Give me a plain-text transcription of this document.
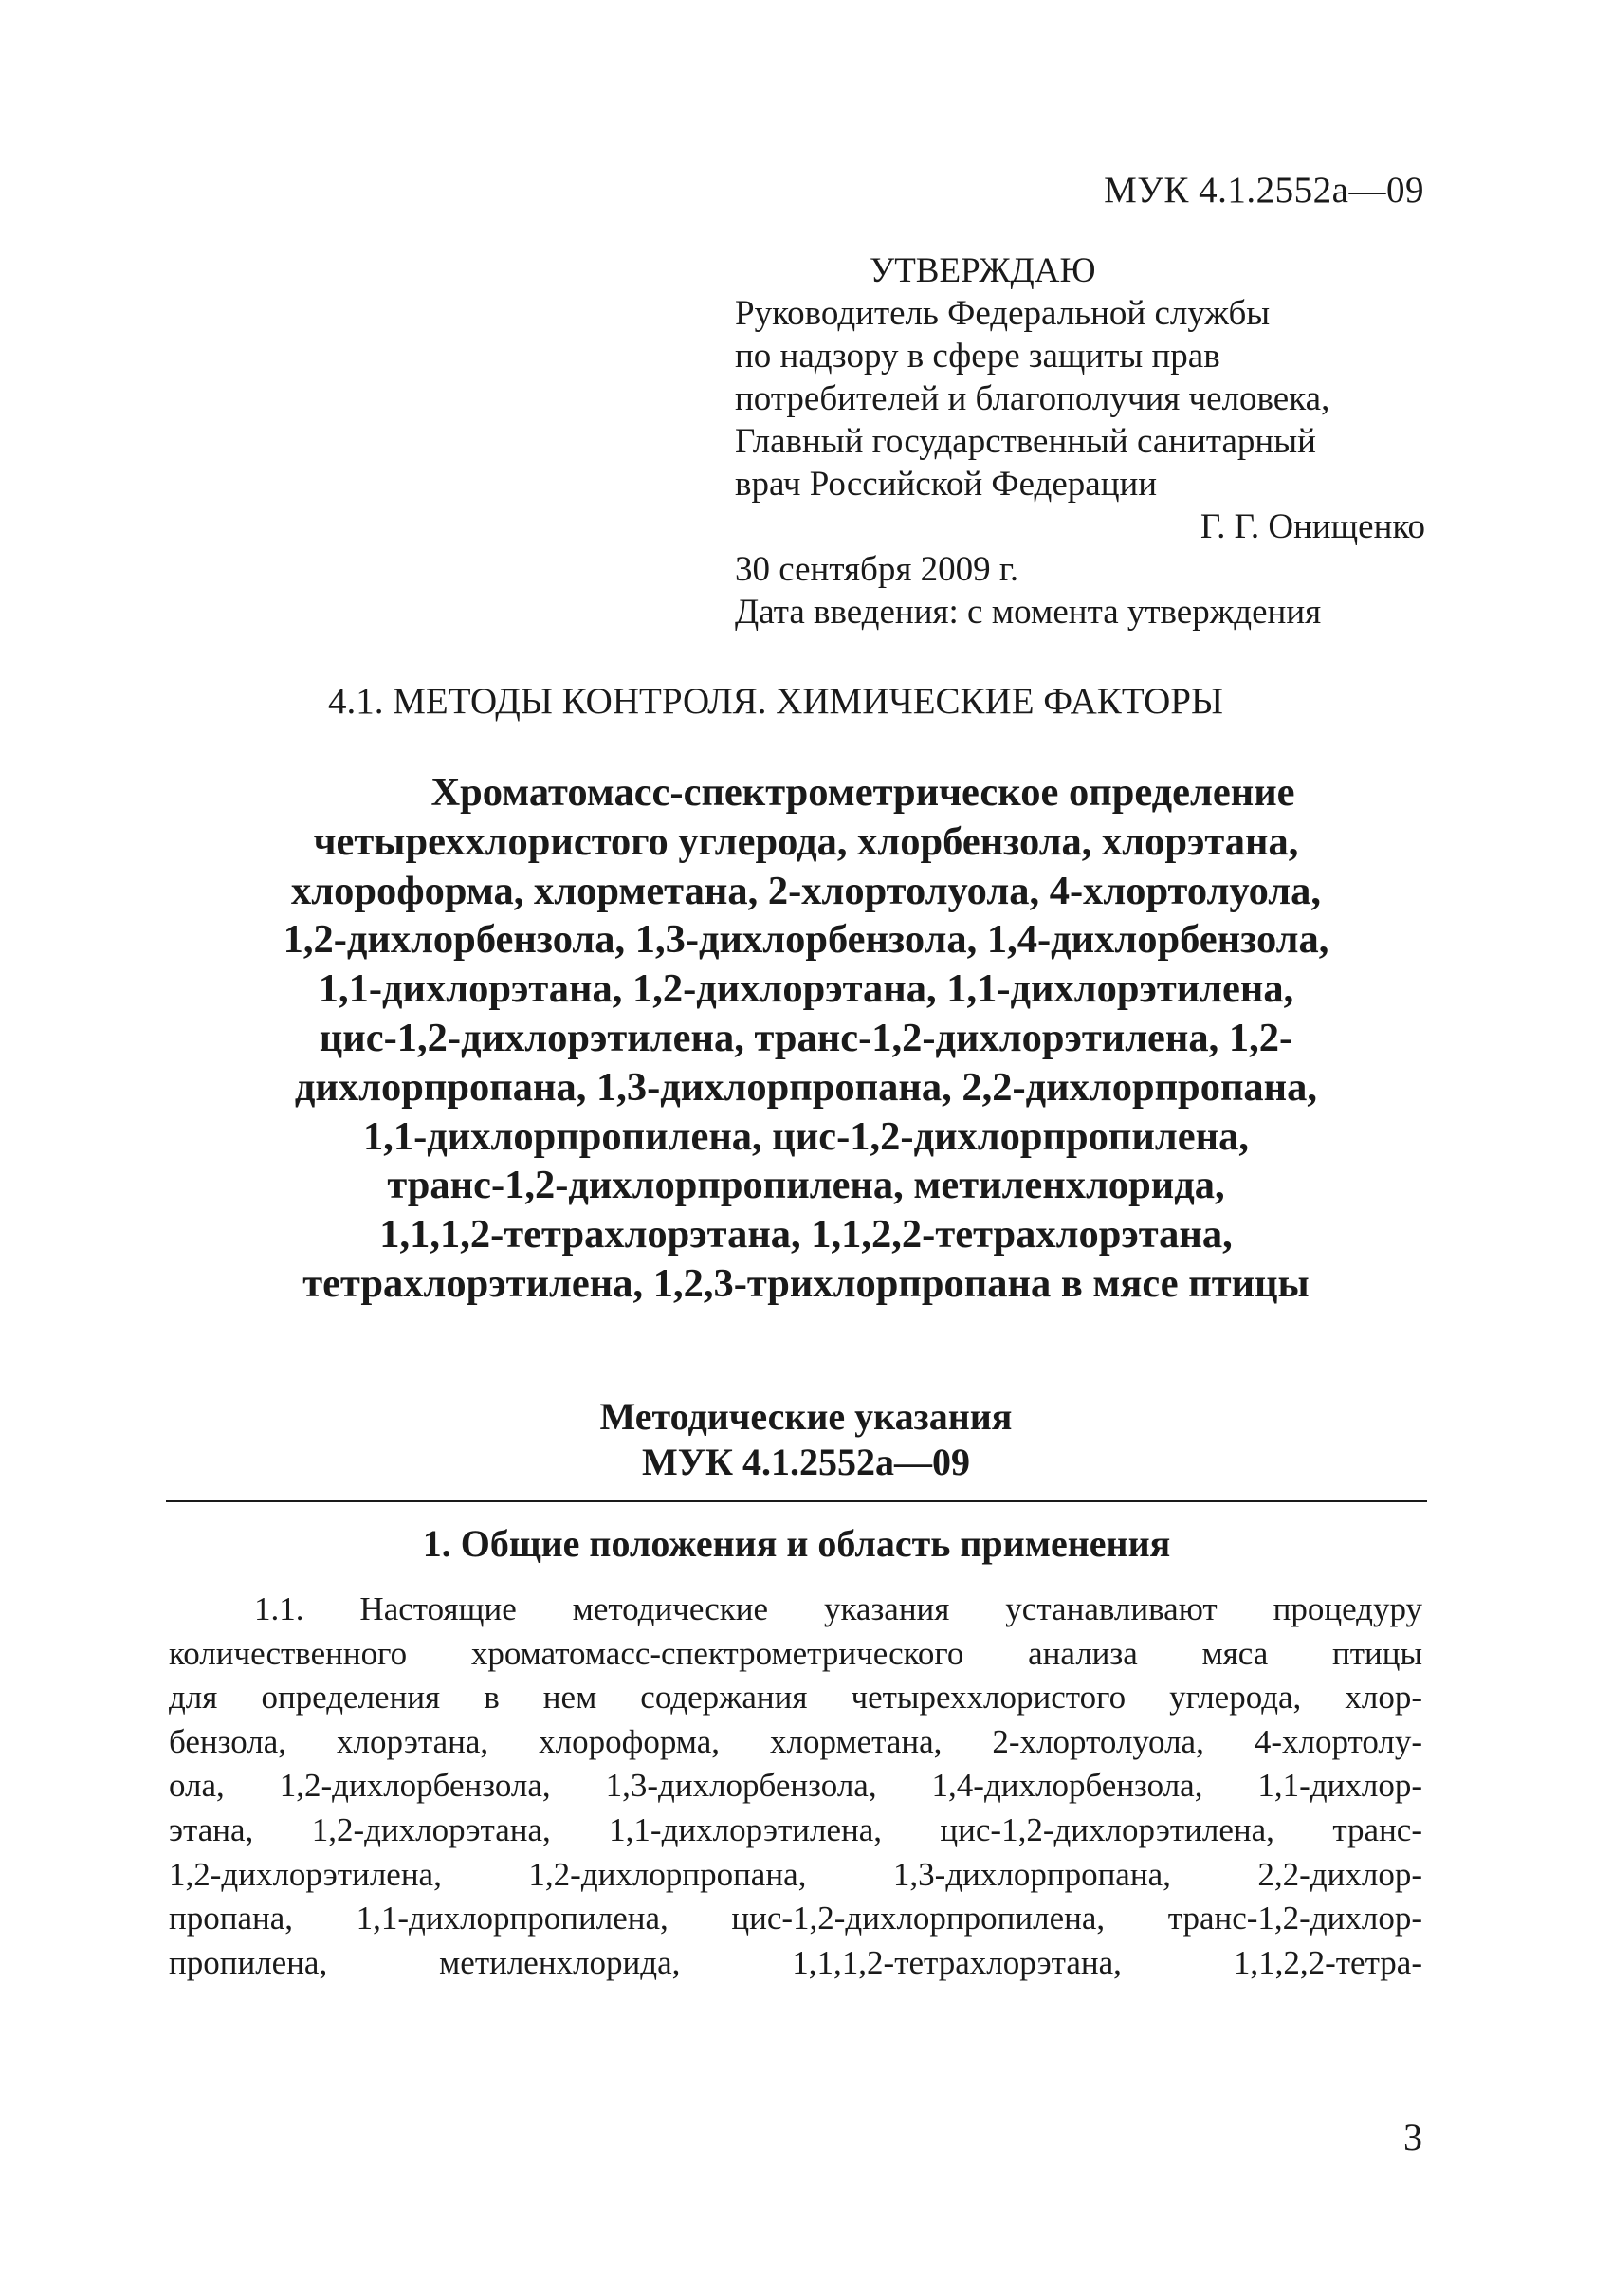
МУК 4.1.2552а—09
УТВЕРЖДАЮ
Руководитель Федеральной службы
по надзору в сфере защиты прав
потребителей и благополучия человека,
Главный государственный санитарный
врач Российской Федерации
Г. Г. Онищенко
30 сентября 2009 г.
Дата введения: с момента утверждения
4.1. МЕТОДЫ КОНТРОЛЯ. ХИМИЧЕСКИЕ ФАКТОРЫ
Хроматомасс-спектрометрическое определение
четыреххлористого углерода, хлорбензола, хлорэтана,
хлороформа, хлорметана, 2-хлортолуола, 4-хлортолуола,
1,2-дихлорбензола, 1,3-дихлорбензола, 1,4-дихлорбензола,
1,1-дихлорэтана, 1,2-дихлорэтана, 1,1-дихлорэтилена,
цис-1,2-дихлорэтилена, транс-1,2-дихлорэтилена, 1,2-
дихлорпропана, 1,3-дихлорпропана, 2,2-дихлорпропана,
1,1-дихлорпропилена, цис-1,2-дихлорпропилена,
транс-1,2-дихлорпропилена, метиленхлорида,
1,1,1,2-тетрахлорэтана, 1,1,2,2-тетрахлорэтана,
тетрахлорэтилена, 1,2,3-трихлорпропана в мясе птицы
Методические указания
МУК 4.1.2552а—09
1. Общие положения и область применения
1.1. Настоящие методические указания устанавливают процедуру
количественного хроматомасс-спектрометрического анализа мяса птицы
для определения в нем содержания четыреххлористого углерода, хлор-
бензола, хлорэтана, хлороформа, хлорметана, 2-хлортолуола, 4-хлортолу-
ола, 1,2-дихлорбензола, 1,3-дихлорбензола, 1,4-дихлорбензола, 1,1-дихлор-
этана, 1,2-дихлорэтана, 1,1-дихлорэтилена, цис-1,2-дихлорэтилена, транс-
1,2-дихлорэтилена, 1,2-дихлорпропана, 1,3-дихлорпропана, 2,2-дихлор-
пропана, 1,1-дихлорпропилена, цис-1,2-дихлорпропилена, транс-1,2-дихлор-
пропилена, метиленхлорида, 1,1,1,2-тетрахлорэтана, 1,1,2,2-тетра-
3
